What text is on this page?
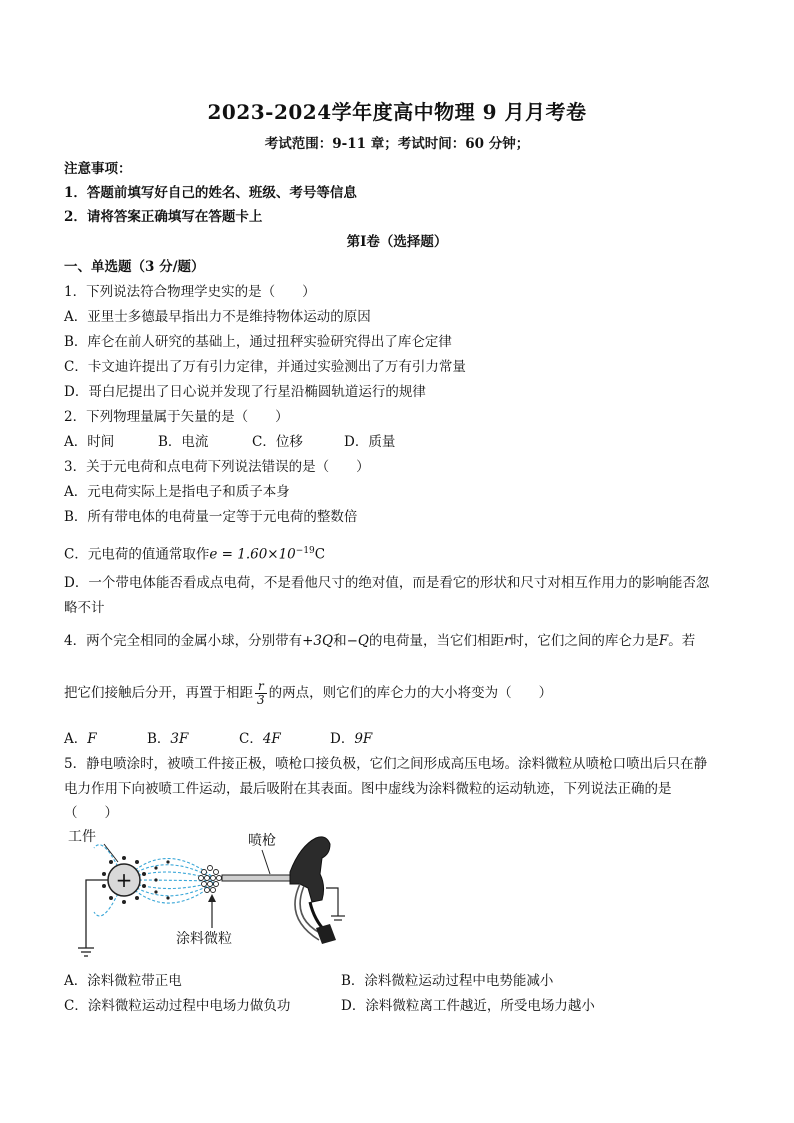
2023-2024学年度高中物理 9 月月考卷
考试范围：9-11 章；考试时间：60 分钟；
注意事项：
1．答题前填写好自己的姓名、班级、考号等信息
2．请将答案正确填写在答题卡上
第Ⅰ卷（选择题）
一、单选题（3 分/题）
1．下列说法符合物理学史实的是（　　）
A．亚里士多德最早指出力不是维持物体运动的原因
B．库仑在前人研究的基础上，通过扭秤实验研究得出了库仑定律
C．卡文迪许提出了万有引力定律，并通过实验测出了万有引力常量
D．哥白尼提出了日心说并发现了行星沿椭圆轨道运行的规律
2．下列物理量属于矢量的是（　　）
A．时间	B．电流	C．位移	D．质量
3．关于元电荷和点电荷下列说法错误的是（　　）
A．元电荷实际上是指电子和质子本身
B．所有带电体的电荷量一定等于元电荷的整数倍
C．元电荷的值通常取作$e = 1.60\times 10^{-19}C$
D．一个带电体能否看成点电荷，不是看他尺寸的绝对值，而是看它的形状和尺寸对相互作用力的影响能否忽
略不计
4．两个完全相同的金属小球，分别带有+3Q和−Q的电荷量，当它们相距r时，它们之间的库仑力是F。若
把它们接触后分开，再置于相距 $\frac{r}{3}$ 的两点，则它们的库仑力的大小将变为（　　）
A．F	B．3F	C．4F	D．9F
5．静电喷涂时，被喷工件接正极，喷枪口接负极，它们之间形成高压电场。涂料微粒从喷枪口喷出后只在静
电力作用下向被喷工件运动，最后吸附在其表面。图中虚线为涂料微粒的运动轨迹，下列说法正确的是
（　　）
+
工件	喷枪
涂料微粒
A．涂料微粒带正电	B．涂料微粒运动过程中电势能减小
C．涂料微粒运动过程中电场力做负功	D．涂料微粒离工件越近，所受电场力越小
